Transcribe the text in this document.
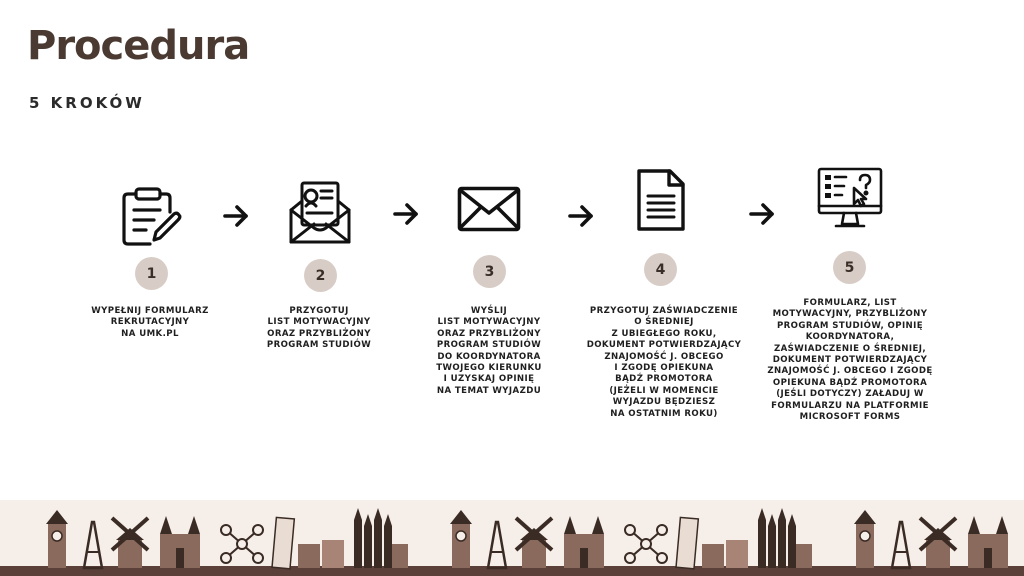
Procedura
5 KROKÓW
1	2	3	4	5

WYPEŁNIJ FORMULARZ
REKRUTACYJNY
NA UMK.PL

PRZYGOTUJ
LIST MOTYWACYJNY
ORAZ PRZYBLIŻONY
PROGRAM STUDIÓW

WYŚLIJ
LIST MOTYWACYJNY
ORAZ PRZYBLIŻONY
PROGRAM STUDIÓW
DO KOORDYNATORA
TWOJEGO KIERUNKU
I UZYSKAJ OPINIĘ
NA TEMAT WYJAZDU

PRZYGOTUJ ZAŚWIADCZENIE
O ŚREDNIEJ
Z UBIEGŁEGO ROKU,
DOKUMENT POTWIERDZAJĄCY
ZNAJOMOŚĆ J. OBCEGO
I ZGODĘ OPIEKUNA
BĄDŹ PROMOTORA
(JEŻELI W MOMENCIE
WYJAZDU BĘDZIESZ
NA OSTATNIM ROKU)

FORMULARZ, LIST
MOTYWACYJNY, PRZYBLIŻONY
PROGRAM STUDIÓW, OPINIĘ
KOORDYNATORA,
ZAŚWIADCZENIE O ŚREDNIEJ,
DOKUMENT POTWIERDZAJĄCY
ZNAJOMOŚĆ J. OBCEGO I ZGODĘ
OPIEKUNA BĄDŹ PROMOTORA
(JEŚLI DOTYCZY) ZAŁADUJ W
FORMULARZU NA PLATFORMIE
MICROSOFT FORMS
